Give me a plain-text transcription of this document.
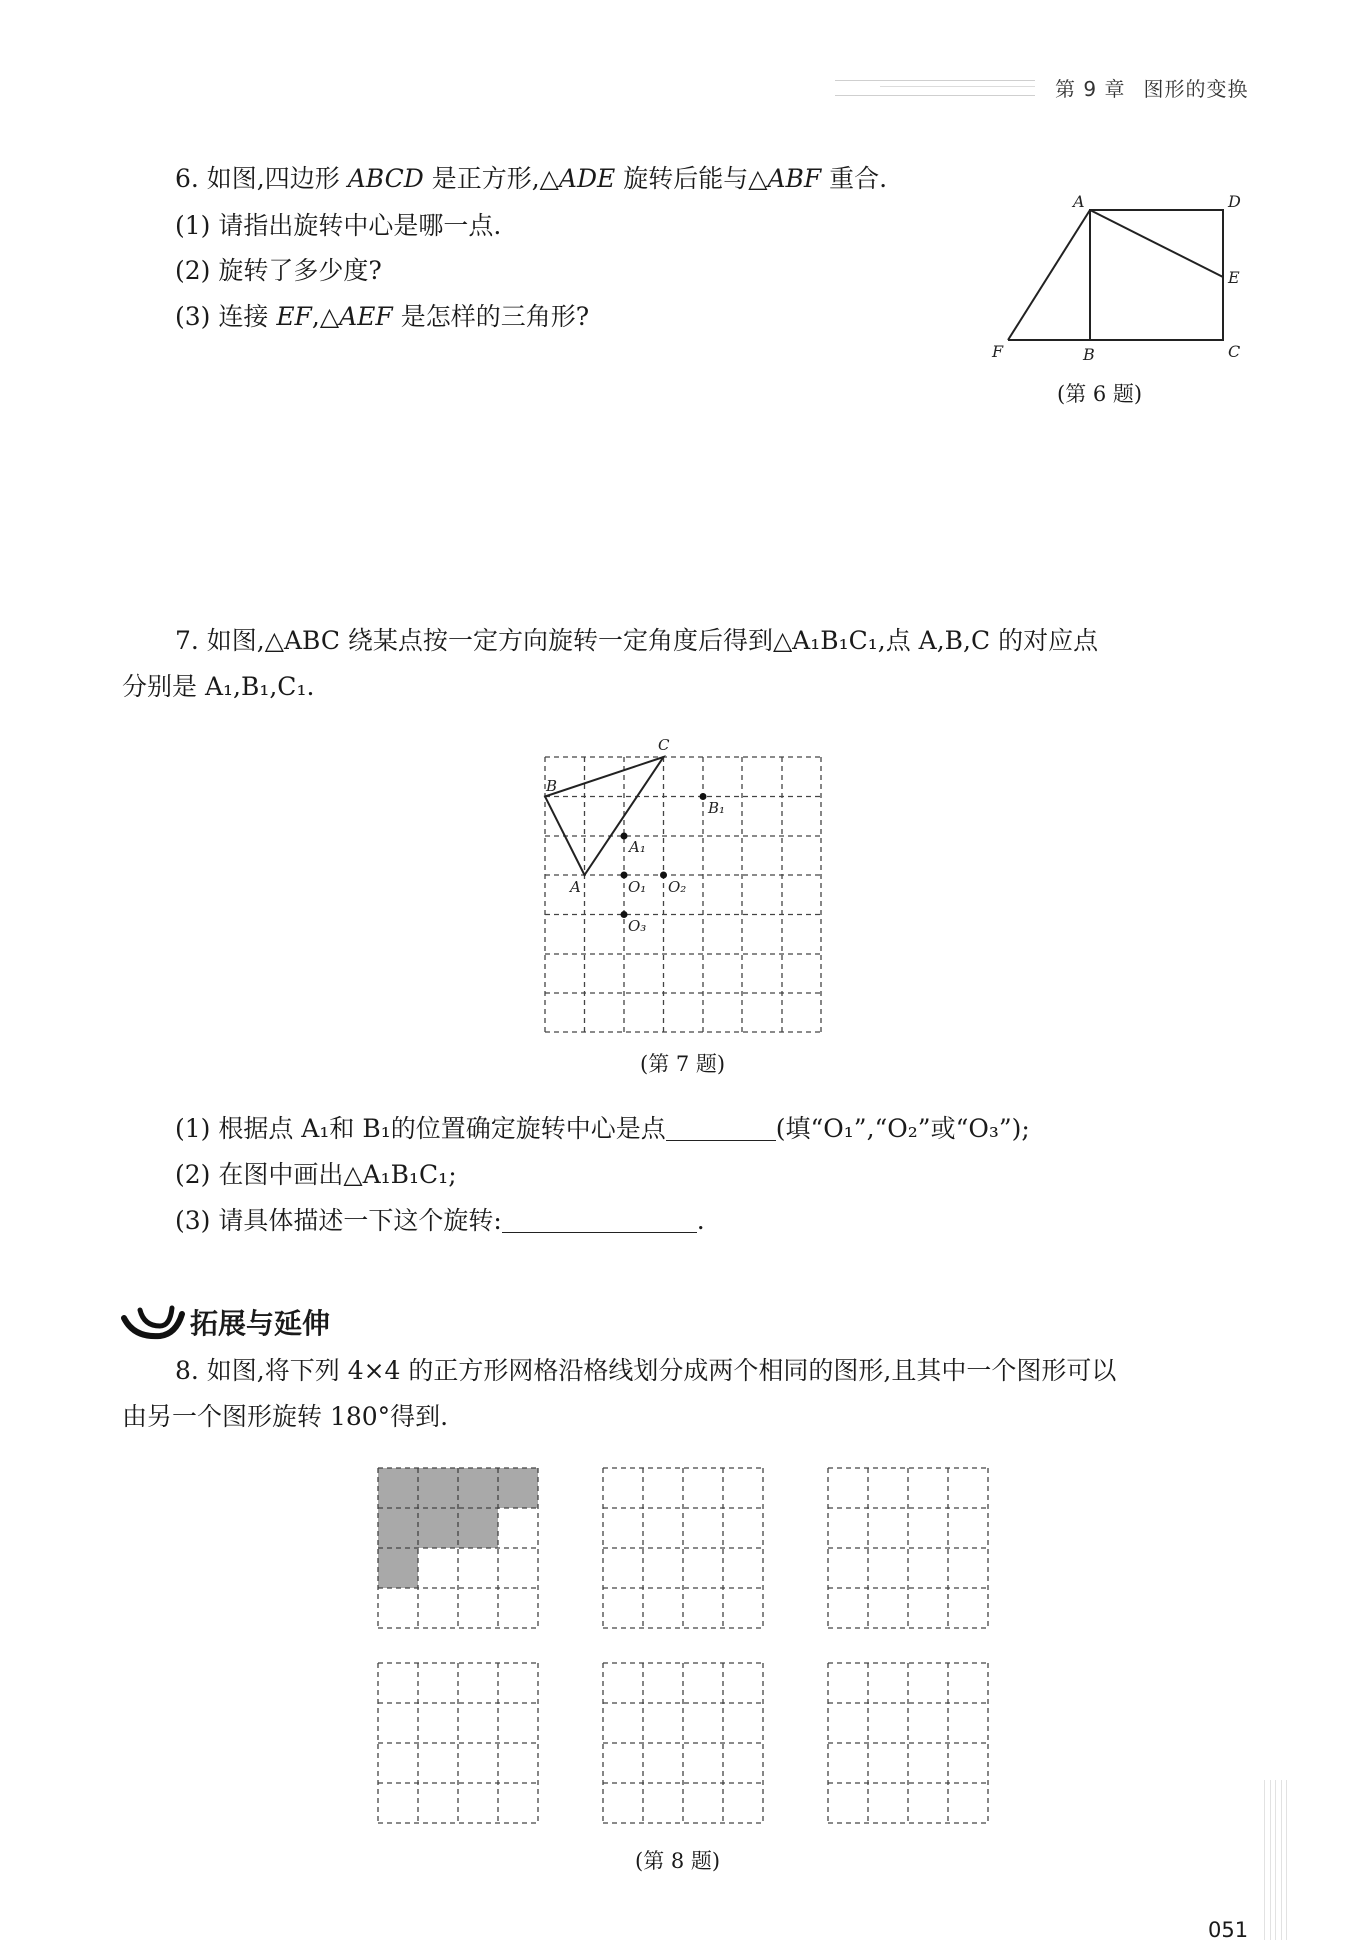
第 9 章 图形的变换
6. 如图,四边形 ABCD 是正方形,△ADE 旋转后能与△ABF 重合.
(1) 请指出旋转中心是哪一点.
(2) 旋转了多少度?
(3) 连接 EF,△AEF 是怎样的三角形?
A	D
E
C
B
F
(第 6 题)
7. 如图,△ABC 绕某点按一定方向旋转一定角度后得到△A₁B₁C₁,点 A,B,C 的对应点
分别是 A₁,B₁,C₁.
C
B
A
B₁
A₁
O₁ O₂
O₃
(第 7 题)
(1) 根据点 A₁和 B₁的位置确定旋转中心是点	(填“O₁”,“O₂”或“O₃”);
(2) 在图中画出△A₁B₁C₁;
(3) 请具体描述一下这个旋转:	.
拓展与延伸
8. 如图,将下列 4×4 的正方形网格沿格线划分成两个相同的图形,且其中一个图形可以
由另一个图形旋转 180°得到.
(第 8 题)
051
